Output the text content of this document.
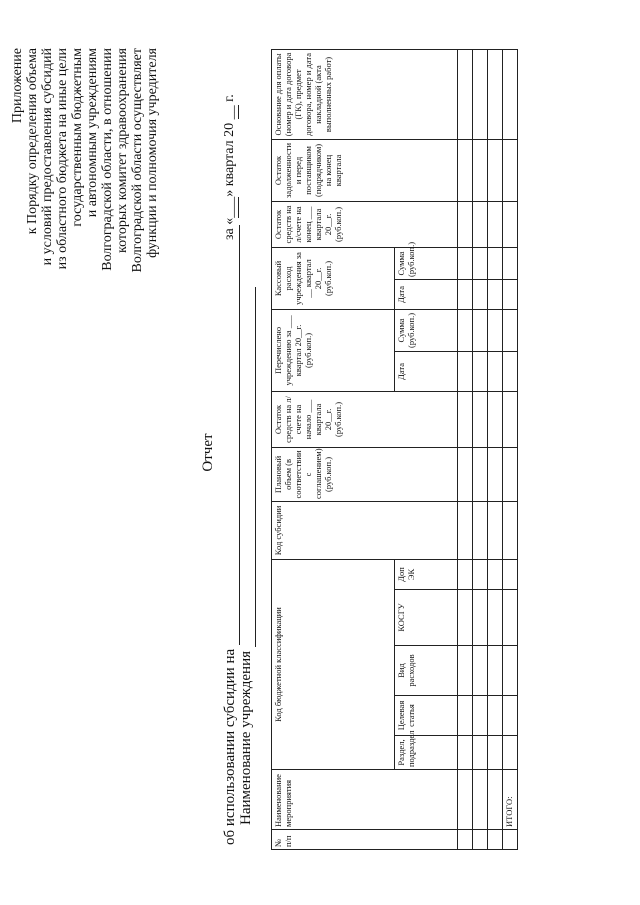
Приложение к Порядку определения объема и условий предоставления субсидий из областного бюджета на иные цели государственным бюджетным и автономным учреждениям Волгоградской области, в отношении которых комитет здравоохранения Волгоградской области осуществляет функции и полномочия учредителя
Отчет
об использовании субсидии на
за «___» квартал 20 __ г.
Наименование учреждения
№ п/п	Наименование мероприятия	Код бюджетной классификации					Код субсидии	Плановый объем (в соответствии с соглашением) (руб.коп.)	Остаток средств на л/счете на начало ___ квартала 20__г. (руб.коп.)	Перечислено учреждению за ___ квартал 20__г. (руб.коп.)		Кассовый расход учреждения за __ квартал 20__г. (руб.коп.)		Остаток средств на л/счете на конец ___ квартала 20__г. (руб.коп.)	Остаток задолженности и перед поставщиком (подрядчиком) на конец квартала	Основание для оплаты (номер и дата договора (ГК), предмет договора, номер и дата накладной (акта выполненных работ)
		Раздел, подраздел	Целевая статья	Вид расходов	КОСГУ	Доп ЭК				Дата	Сумма (руб.коп.)	Дата	Сумма (руб.коп.)			

	ИТОГО:															
